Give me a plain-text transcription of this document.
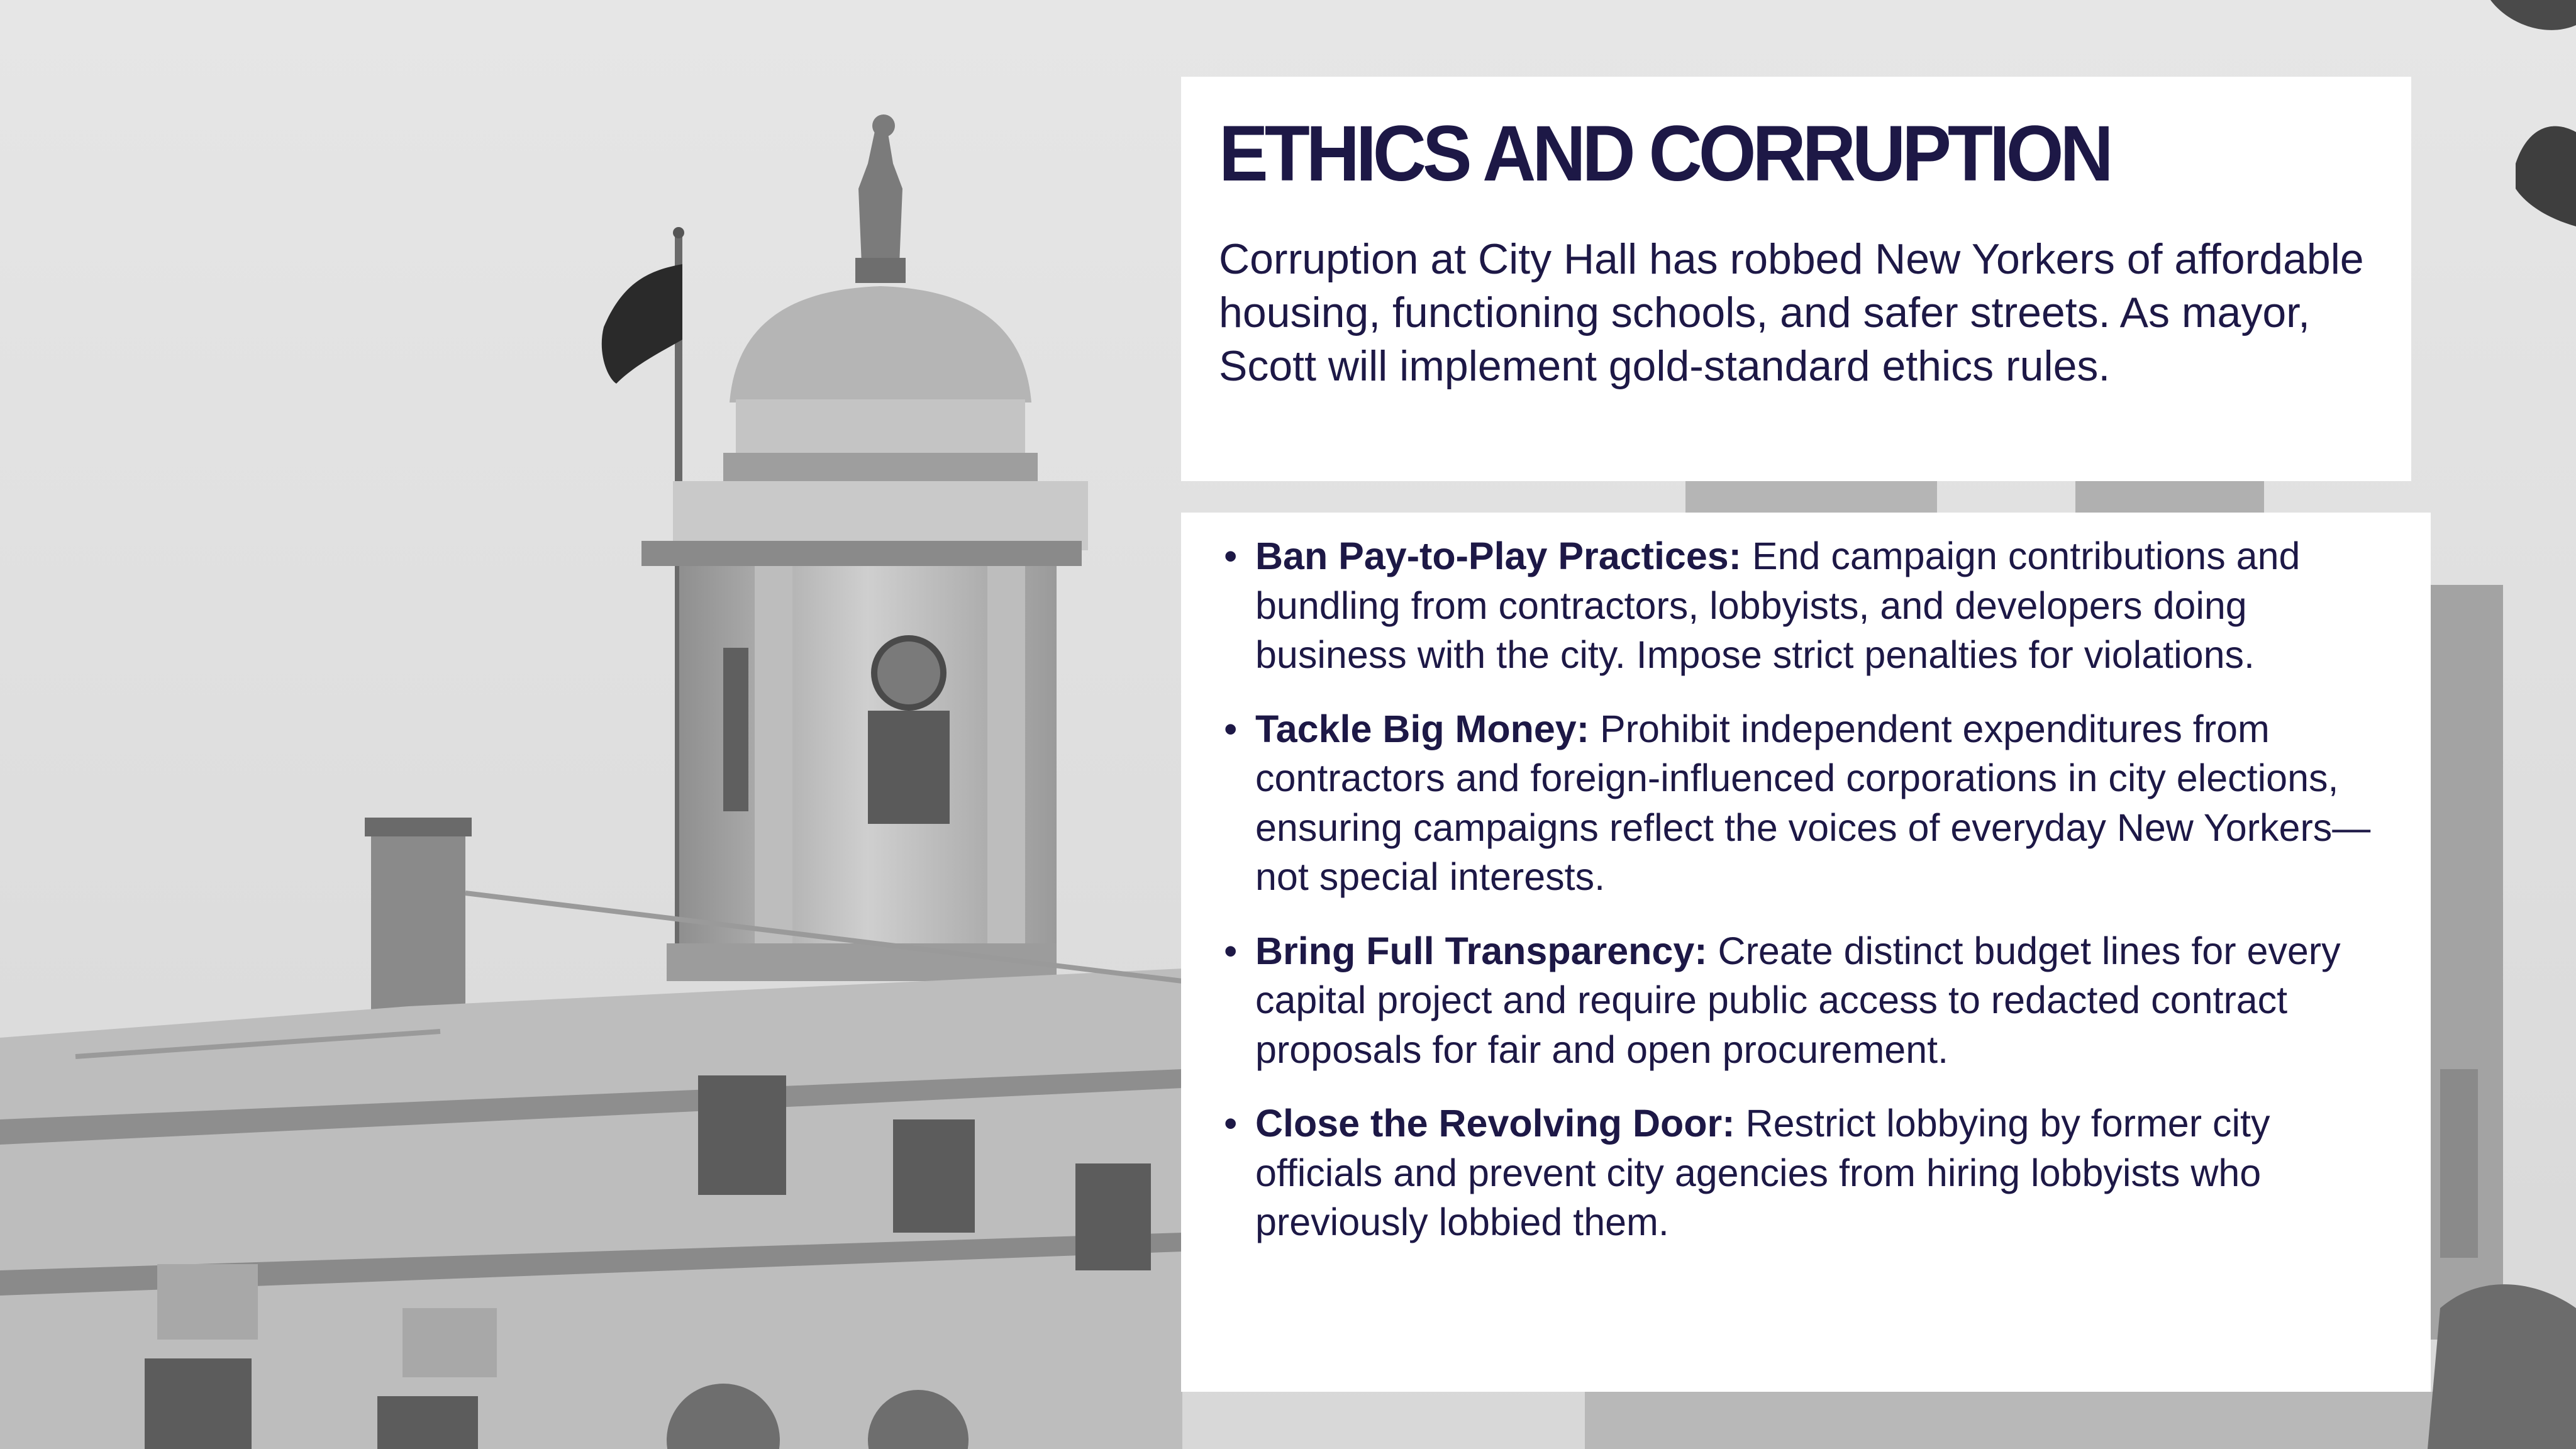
ETHICS AND CORRUPTION

Corruption at City Hall has robbed New Yorkers of affordable housing, functioning schools, and safer streets. As mayor, Scott will implement gold-standard ethics rules.

• Ban Pay-to-Play Practices: End campaign contributions and bundling from contractors, lobbyists, and developers doing business with the city. Impose strict penalties for violations.
• Tackle Big Money: Prohibit independent expenditures from contractors and foreign-influenced corporations in city elections, ensuring campaigns reflect the voices of everyday New Yorkers—not special interests.
• Bring Full Transparency: Create distinct budget lines for every capital project and require public access to redacted contract proposals for fair and open procurement.
• Close the Revolving Door: Restrict lobbying by former city officials and prevent city agencies from hiring lobbyists who previously lobbied them.
